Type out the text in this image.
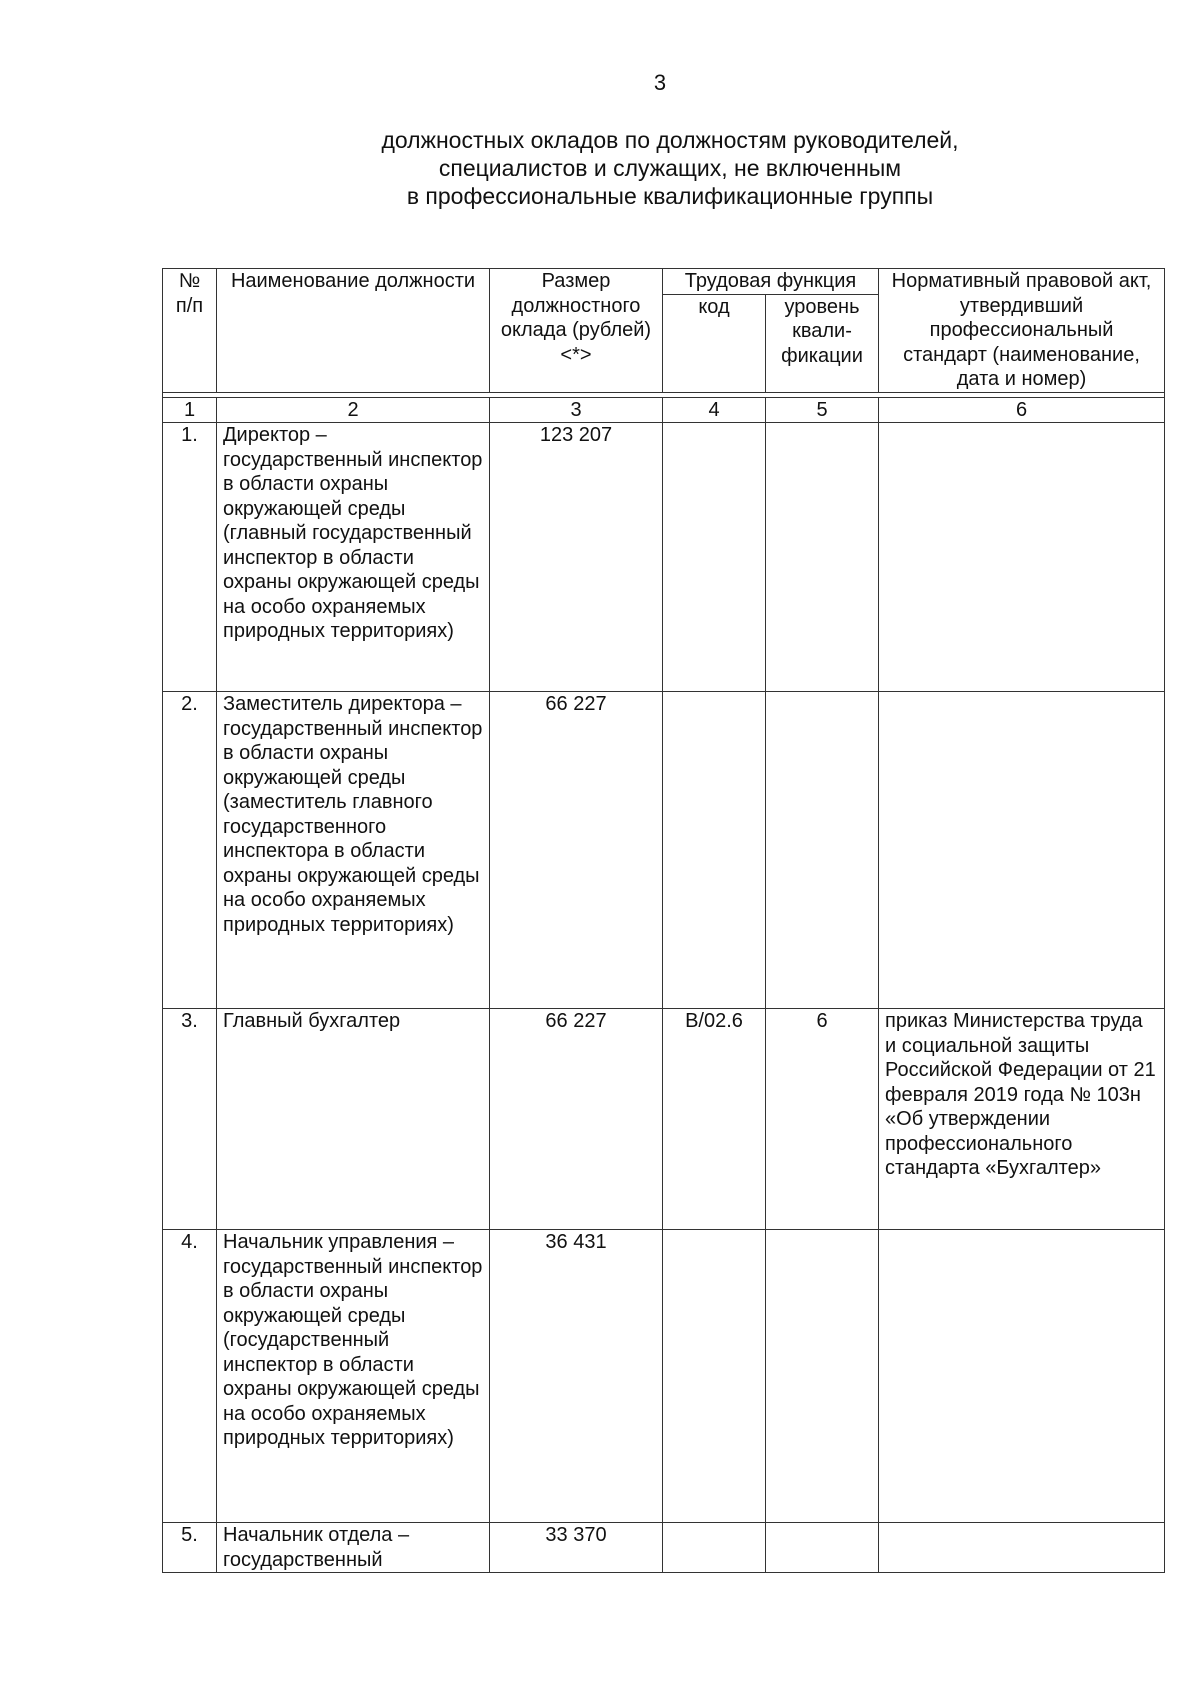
3
должностных окладов по должностям руководителей,
специалистов и служащих, не включенным
в профессиональные квалификационные группы
№ п/п	Наименование должности	Размер должностного оклада (рублей) <*>	Трудовая функция		Нормативный правовой акт, утвердивший профессиональный стандарт (наименование, дата и номер)
			код	уровень квали- фикации	

1	2	3	4	5	6
1.	Директор – государственный инспектор в области охраны окружающей среды (главный государственный инспектор в области охраны окружающей среды на особо охраняемых природных территориях)	123 207			
2.	Заместитель директора – государственный инспектор в области охраны окружающей среды (заместитель главного государственного инспектора в области охраны окружающей среды на особо охраняемых природных территориях)	66 227			
3.	Главный бухгалтер	66 227	B/02.6	6	приказ Министерства труда и социальной защиты Российской Федерации от 21 февраля 2019 года № 103н «Об утверждении профессионального стандарта «Бухгалтер»
4.	Начальник управления – государственный инспектор в области охраны окружающей среды (государственный инспектор в области охраны окружающей среды на особо охраняемых природных территориях)	36 431			
5.	Начальник отдела – государственный	33 370			
